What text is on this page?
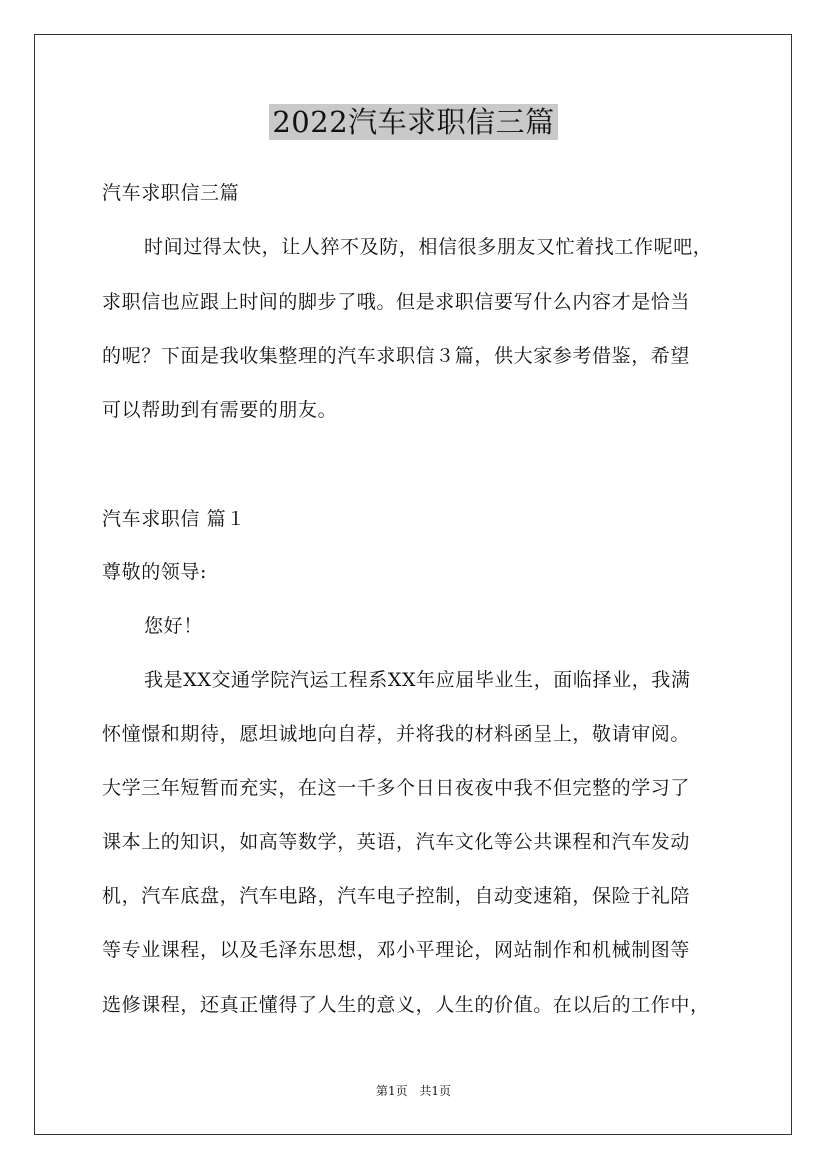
2022汽车求职信三篇
汽车求职信三篇
时间过得太快，让人猝不及防，相信很多朋友又忙着找工作呢吧，
求职信也应跟上时间的脚步了哦。但是求职信要写什么内容才是恰当
的呢？下面是我收集整理的汽车求职信３篇，供大家参考借鉴，希望
可以帮助到有需要的朋友。
汽车求职信 篇１
尊敬的领导:
您好！
我是XX交通学院汽运工程系XX年应届毕业生，面临择业，我满
怀憧憬和期待，愿坦诚地向自荐，并将我的材料函呈上，敬请审阅。
大学三年短暂而充实，在这一千多个日日夜夜中我不但完整的学习了
课本上的知识，如高等数学，英语，汽车文化等公共课程和汽车发动
机，汽车底盘，汽车电路，汽车电子控制，自动变速箱，保险于礼陪
等专业课程，以及毛泽东思想，邓小平理论，网站制作和机械制图等
选修课程，还真正懂得了人生的意义，人生的价值。在以后的工作中，
第1页 共1页
